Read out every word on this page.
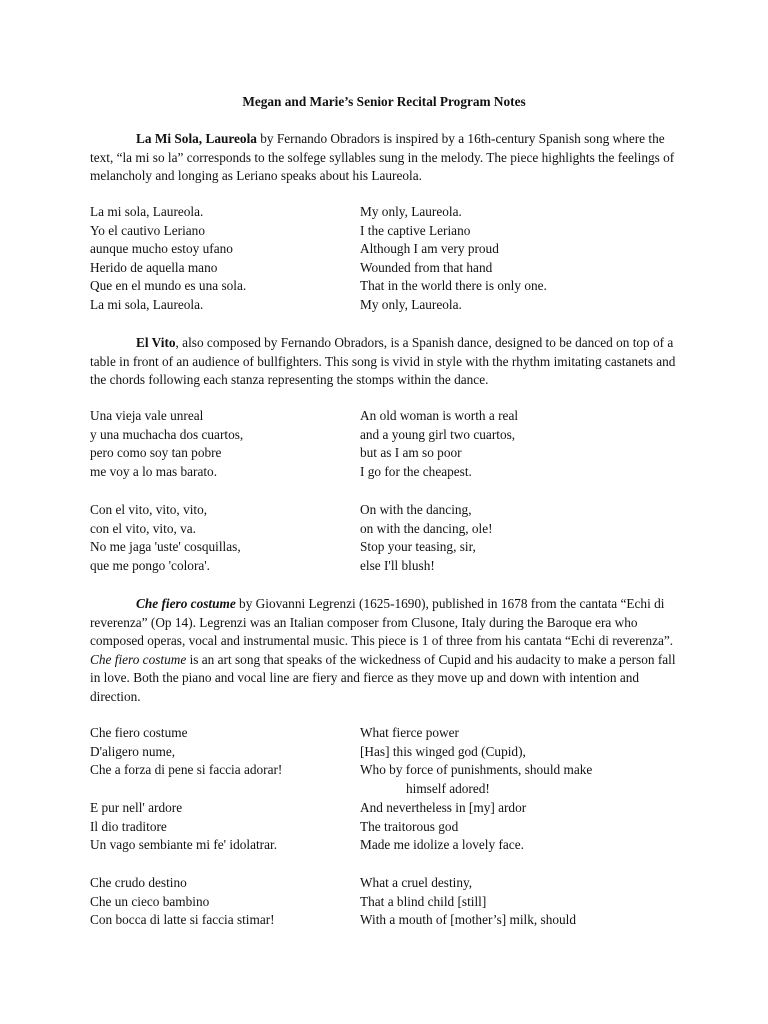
Megan and Marie’s Senior Recital Program Notes
La Mi Sola, Laureola by Fernando Obradors is inspired by a 16th-century Spanish song where the text, “la mi so la” corresponds to the solfege syllables sung in the melody. The piece highlights the feelings of melancholy and longing as Leriano speaks about his Laureola.
La mi sola, Laureola.	My only, Laureola.
Yo el cautivo Leriano	I the captive Leriano
aunque mucho estoy ufano	Although I am very proud
Herido de aquella mano	Wounded from that hand
Que en el mundo es una sola.	That in the world there is only one.
La mi sola, Laureola.	My only, Laureola.
El Vito, also composed by Fernando Obradors, is a Spanish dance, designed to be danced on top of a table in front of an audience of bullfighters. This song is vivid in style with the rhythm imitating castanets and the chords following each stanza representing the stomps within the dance.
Una vieja vale unreal	An old woman is worth a real
y una muchacha dos cuartos,	and a young girl two cuartos,
pero como soy tan pobre	but as I am so poor
me voy a lo mas barato.	I go for the cheapest.
Con el vito, vito, vito,	On with the dancing,
con el vito, vito, va.	on with the dancing, ole!
No me jaga 'uste' cosquillas,	Stop your teasing, sir,
que me pongo 'colora'.	else I'll blush!
Che fiero costume by Giovanni Legrenzi (1625-1690), published in 1678 from the cantata “Echi di reverenza” (Op 14). Legrenzi was an Italian composer from Clusone, Italy during the Baroque era who composed operas, vocal and instrumental music. This piece is 1 of three from his cantata “Echi di reverenza”. Che fiero costume is an art song that speaks of the wickedness of Cupid and his audacity to make a person fall in love. Both the piano and vocal line are fiery and fierce as they move up and down with intention and direction.
Che fiero costume	What fierce power
D'aligero nume,	[Has] this winged god (Cupid),
Che a forza di pene si faccia adorar!	Who by force of punishments, should make
himself adored!
E pur nell' ardore	And nevertheless in [my] ardor
Il dio traditore	The traitorous god
Un vago sembiante mi fe' idolatrar.	Made me idolize a lovely face.
Che crudo destino	What a cruel destiny,
Che un cieco bambino	That a blind child [still]
Con bocca di latte si faccia stimar!	With a mouth of [mother’s] milk, should
